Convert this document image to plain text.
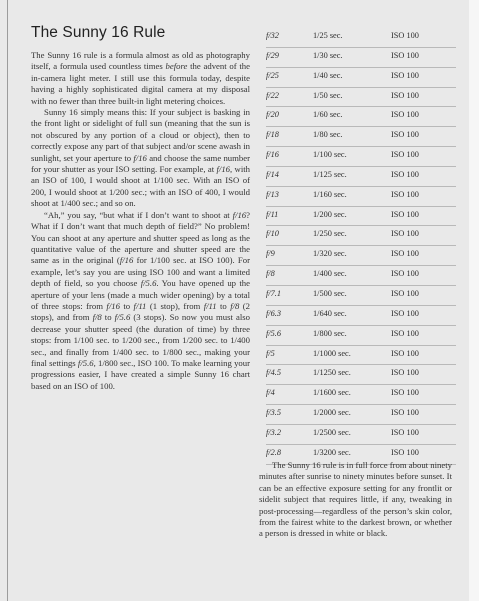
The Sunny 16 Rule

The Sunny 16 rule is a formula almost as old as photography itself, a formula used countless times before the advent of the in-camera light meter. I still use this formula today, despite having a highly sophisticated digital camera at my disposal with no fewer than three built-in light metering choices.

Sunny 16 simply means this: If your subject is basking in the front light or sidelight of full sun (meaning that the sun is not obscured by any portion of a cloud or object), then to correctly expose any part of that subject and/or scene awash in sunlight, set your aperture to f/16 and choose the same number for your shutter as your ISO setting. For example, at f/16, with an ISO of 100, I would shoot at 1/100 sec. With an ISO of 200, I would shoot at 1/200 sec.; with an ISO of 400, I would shoot at 1/400 sec.; and so on.

“Ah,” you say, “but what if I don’t want to shoot at f/16? What if I don’t want that much depth of field?” No problem! You can shoot at any aperture and shutter speed as long as the quantitative value of the aperture and shutter speed are the same as in the original (f/16 for 1/100 sec. at ISO 100). For example, let’s say you are using ISO 100 and want a limited depth of field, so you choose f/5.6. You have opened up the aperture of your lens (made a much wider opening) by a total of three stops: from f/16 to f/11 (1 stop), from f/11 to f/8 (2 stops), and from f/8 to f/5.6 (3 stops). So now you must also decrease your shutter speed (the duration of time) by three stops: from 1/100 sec. to 1/200 sec., from 1/200 sec. to 1/400 sec., and finally from 1/400 sec. to 1/800 sec., making your final settings f/5.6, 1/800 sec., ISO 100. To make learning your progressions easier, I have created a simple Sunny 16 chart based on an ISO of 100.

f/32	1/25 sec.	ISO 100
f/29	1/30 sec.	ISO 100
f/25	1/40 sec.	ISO 100
f/22	1/50 sec.	ISO 100
f/20	1/60 sec.	ISO 100
f/18	1/80 sec.	ISO 100
f/16	1/100 sec.	ISO 100
f/14	1/125 sec.	ISO 100
f/13	1/160 sec.	ISO 100
f/11	1/200 sec.	ISO 100
f/10	1/250 sec.	ISO 100
f/9	1/320 sec.	ISO 100
f/8	1/400 sec.	ISO 100
f/7.1	1/500 sec.	ISO 100
f/6.3	1/640 sec.	ISO 100
f/5.6	1/800 sec.	ISO 100
f/5	1/1000 sec.	ISO 100
f/4.5	1/1250 sec.	ISO 100
f/4	1/1600 sec.	ISO 100
f/3.5	1/2000 sec.	ISO 100
f/3.2	1/2500 sec.	ISO 100
f/2.8	1/3200 sec.	ISO 100

The Sunny 16 rule is in full force from about ninety minutes after sunrise to ninety minutes before sunset. It can be an effective exposure setting for any frontlit or sidelit subject that requires little, if any, tweaking in post-processing—regardless of the person’s skin color, from the fairest white to the darkest brown, or whether a person is dressed in white or black.
